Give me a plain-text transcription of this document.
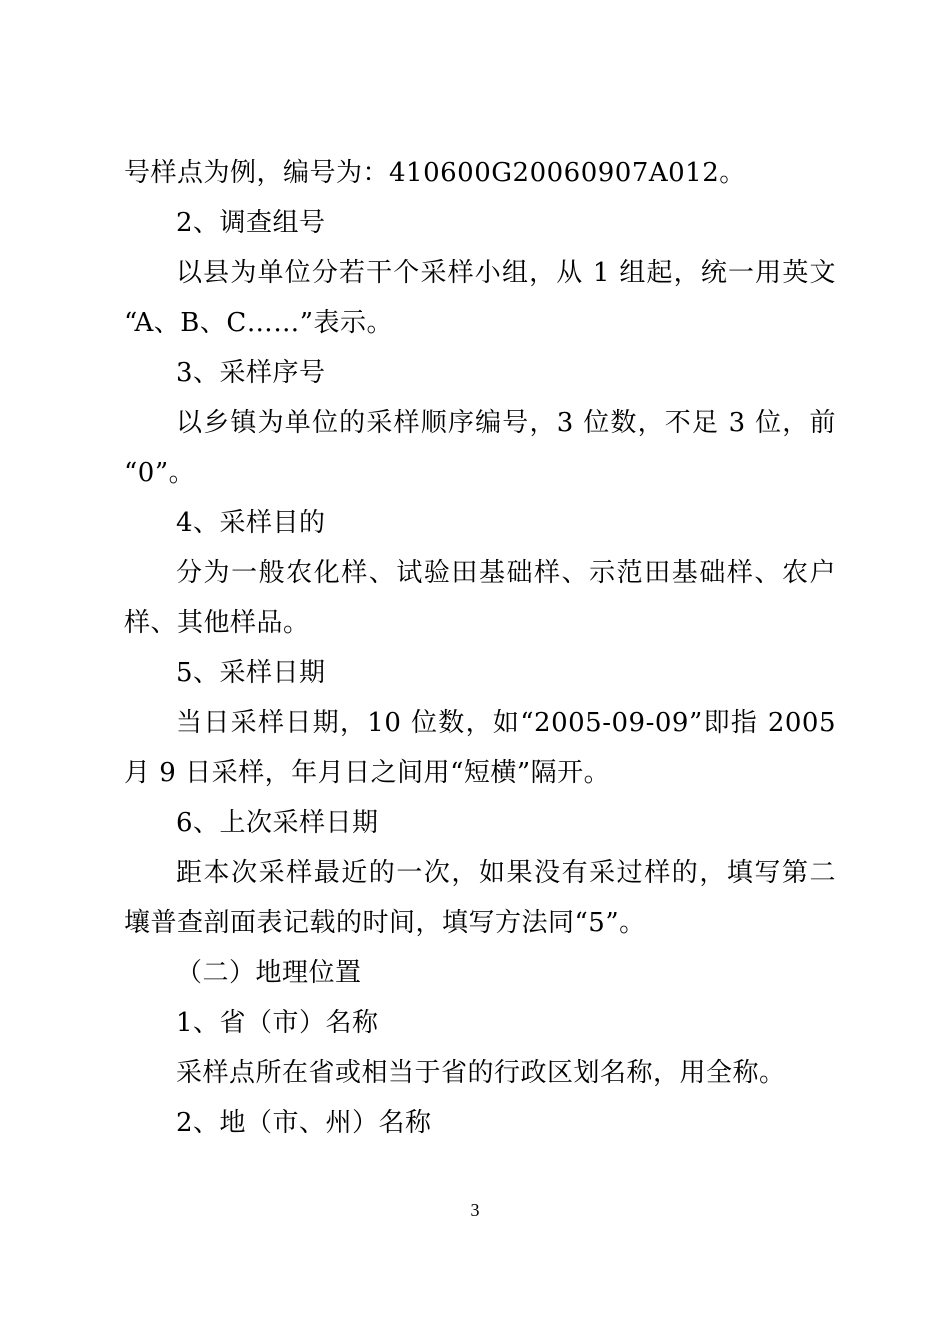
号样点为例，编号为：410600G20060907A012。
2、调查组号
以县为单位分若干个采样小组，从 1 组起，统一用英文
“A、B、C……”表示。
3、采样序号
以乡镇为单位的采样顺序编号，3 位数，不足 3 位，前
“0”。
4、采样目的
分为一般农化样、试验田基础样、示范田基础样、农户
样、其他样品。
5、采样日期
当日采样日期，10 位数，如“2005-09-09”即指 2005
月 9 日采样，年月日之间用“短横”隔开。
6、上次采样日期
距本次采样最近的一次，如果没有采过样的，填写第二
壤普查剖面表记载的时间，填写方法同“5”。
（二）地理位置
1、省（市）名称
采样点所在省或相当于省的行政区划名称，用全称。
2、地（市、州）名称
3
